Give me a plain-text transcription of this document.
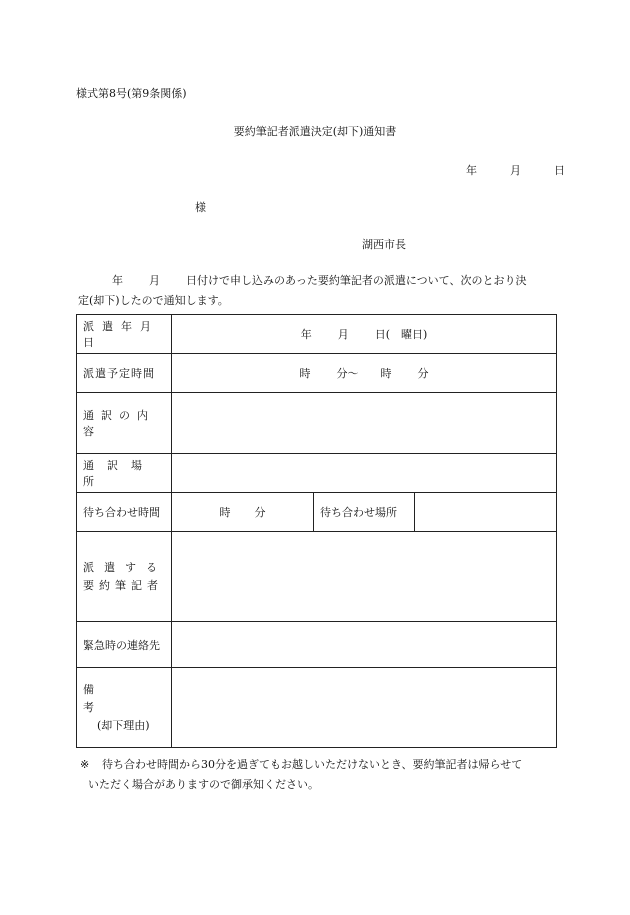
様式第8号(第9条関係)
要約筆記者派遣決定(却下)通知書
年	月	日
様
湖西市長
年 月 日付けで申し込みのあった要約筆記者の派遣について、次のとおり決
定(却下)したので通知します。
派遣年月日	年 月 日(　曜日)		

派遣予定時間	時 分〜 時 分		

通訳の内容			

通訳場所			

待ち合わせ時間	時 分	待ち合わせ場所	

派遣する
要約筆記者			

緊急時の連絡先			

備考
(却下理由)			

※ 待ち合わせ時間から30分を過ぎてもお越しいただけないとき、要約筆記者は帰らせて
いただく場合がありますので御承知ください。
